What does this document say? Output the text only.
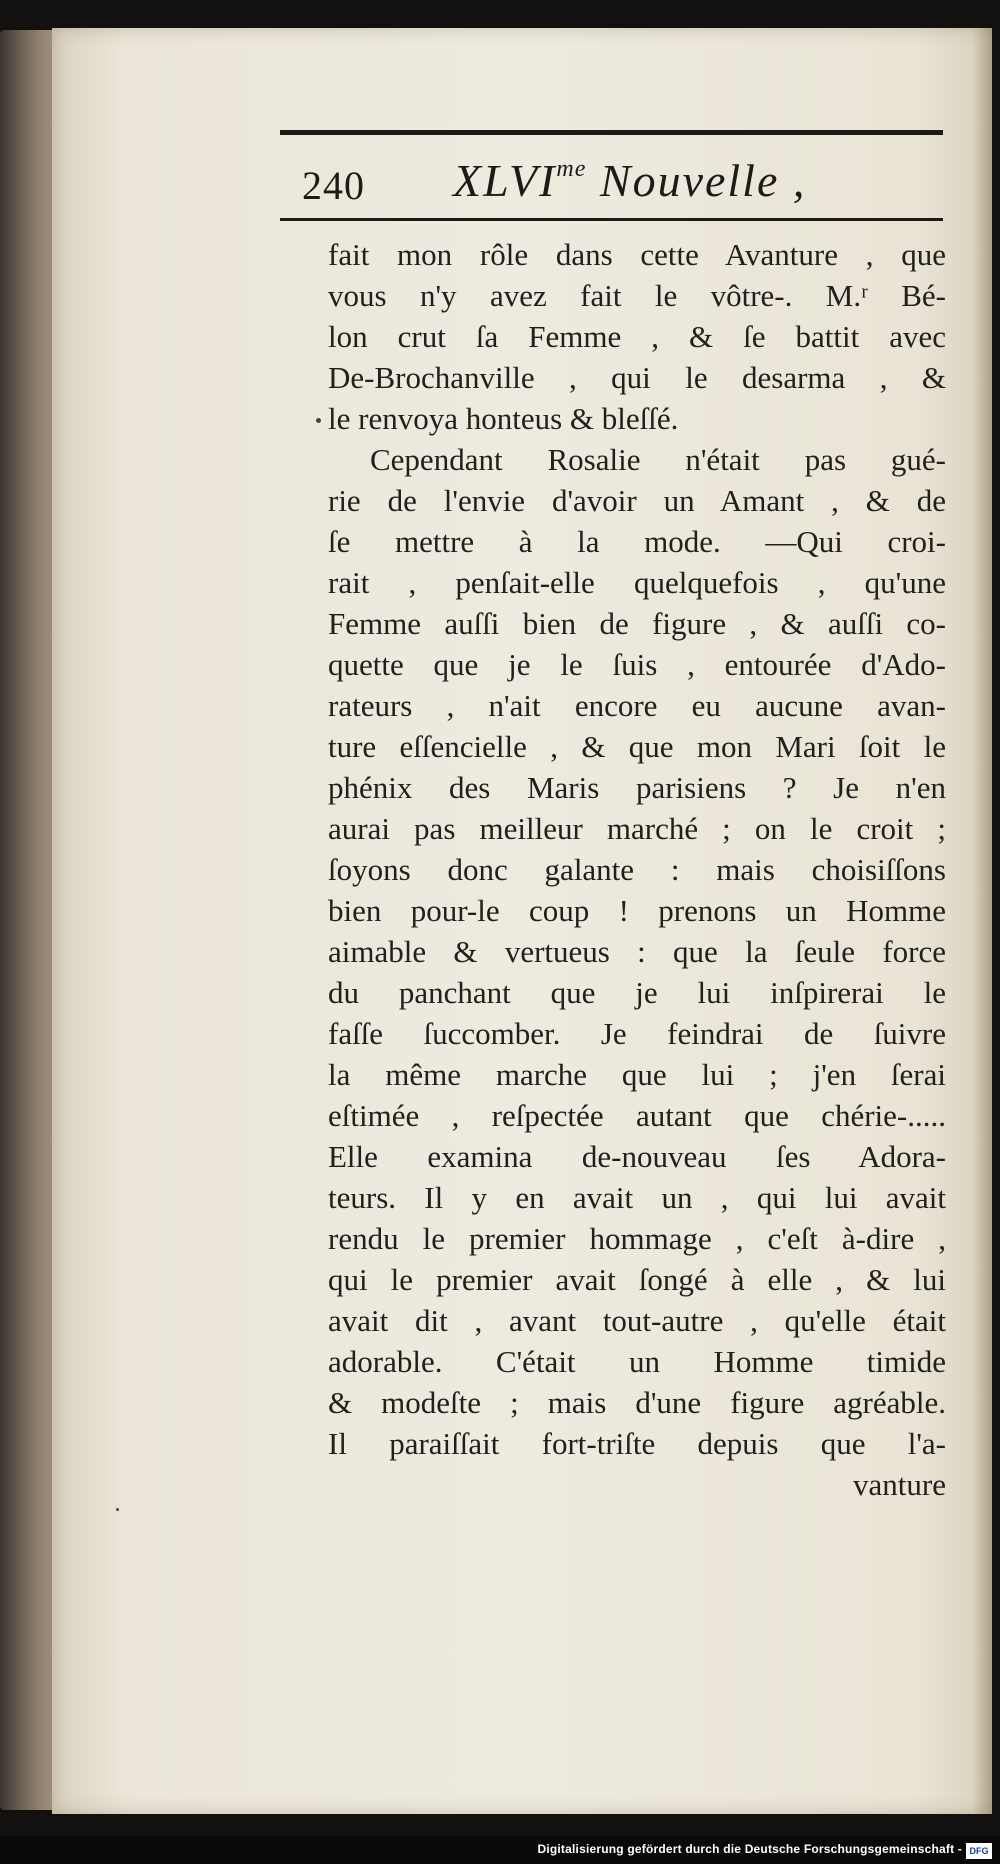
240 $XLVI^{me}$ Nouvelle ,
fait mon rôle dans cette Avanture , que
vous n'y avez fait le vôtre-. M.ʳ Bé-
lon crut ſa Femme , & ſe battit avec
De-Brochanville , qui le desarma , &
le renvoya honteus & bleſſé.
Cependant Rosalie n'était pas gué-
rie de l'envie d'avoir un Amant , & de
ſe mettre à la mode. —Qui croi-
rait , penſait-elle quelquefois , qu'une
Femme auſſi bien de figure , & auſſi co-
quette que je le ſuis , entourée d'Ado-
rateurs , n'ait encore eu aucune avan-
ture eſſencielle , & que mon Mari ſoit le
phénix des Maris parisiens ? Je n'en
aurai pas meilleur marché ; on le croit ;
ſoyons donc galante : mais choisiſſons
bien pour-le coup ! prenons un Homme
aimable & vertueus : que la ſeule force
du panchant que je lui inſpirerai le
faſſe ſuccomber. Je feindrai de ſuivre
la même marche que lui ; j'en ſerai
eſtimée , reſpectée autant que chérie-.....
Elle examina de-nouveau ſes Adora-
teurs. Il y en avait un , qui lui avait
rendu le premier hommage , c'eſt à-dire ,
qui le premier avait ſongé à elle , & lui
avait dit , avant tout-autre , qu'elle était
adorable. C'était un Homme timide
& modeſte ; mais d'une figure agréable.
Il paraiſſait fort-triſte depuis que l'a-
vanture
Digitalisierung gefördert durch die Deutsche Forschungsgemeinschaft - DFG
